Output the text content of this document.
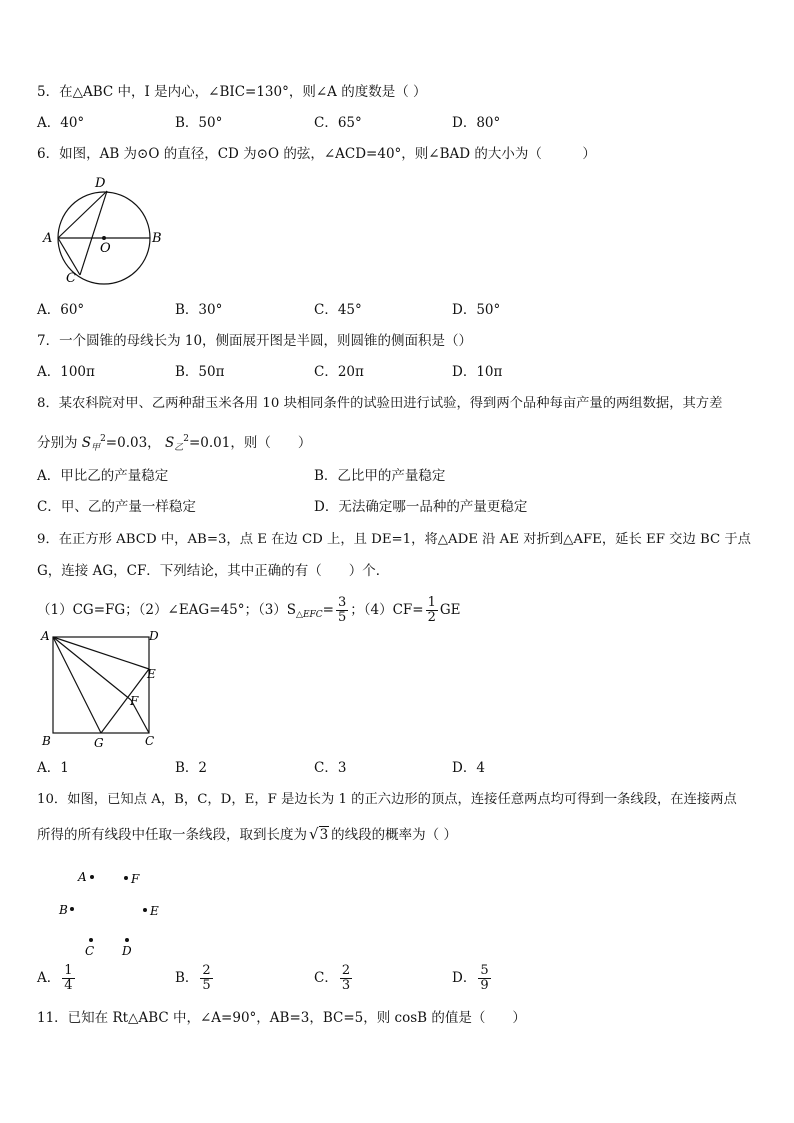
5．在△ABC 中，I 是内心，∠BIC=130°，则∠A 的度数是（ ）
A．40°	B．50°	C．65°	D．80°
6．如图，AB 为⊙O 的直径，CD 为⊙O 的弦，∠ACD=40°，则∠BAD 的大小为（　　　）
D
A	B
O
C
A．60°	B．30°	C．45°	D．50°
7．一个圆锥的母线长为 10，侧面展开图是半圆，则圆锥的侧面积是（）
A．100π	B．50π	C．20π	D．10π
8．某农科院对甲、乙两种甜玉米各用 10 块相同条件的试验田进行试验，得到两个品种每亩产量的两组数据，其方差
分别为 $S_甲^2=0.03$， $S_乙^2=0.01$，则（　　）
A．甲比乙的产量稳定	B．乙比甲的产量稳定
C．甲、乙的产量一样稳定	D．无法确定哪一品种的产量更稳定
9．在正方形 ABCD 中，AB=3，点 E 在边 CD 上，且 DE=1，将△ADE 沿 AE 对折到△AFE，延长 EF 交边 BC 于点
G，连接 AG，CF．下列结论，其中正确的有（　　）个．
（1）CG=FG；（2）∠EAG=45°；$(3)S_{\triangle EFC}= \frac{3}{5}$ ；$(4)CF= \frac{1}{2}$ GE
A	D
E
F
B	G	C
A．1	B．2	C．3	D．4
10．如图，已知点 A，B，C，D，E，F 是边长为 1 的正六边形的顶点，连接任意两点均可得到一条线段，在连接两点
所得的所有线段中任取一条线段，取到长度为 √3 的线段的概率为（ ）
A	F
B	E
C D
A． $\frac{1}{4}$	B． $\frac{2}{5}$	C． $\frac{2}{3}$	D． $\frac{5}{9}$
11．已知在 Rt△ABC 中，∠A=90°，AB=3，BC=5，则 cosB 的值是（　　）
